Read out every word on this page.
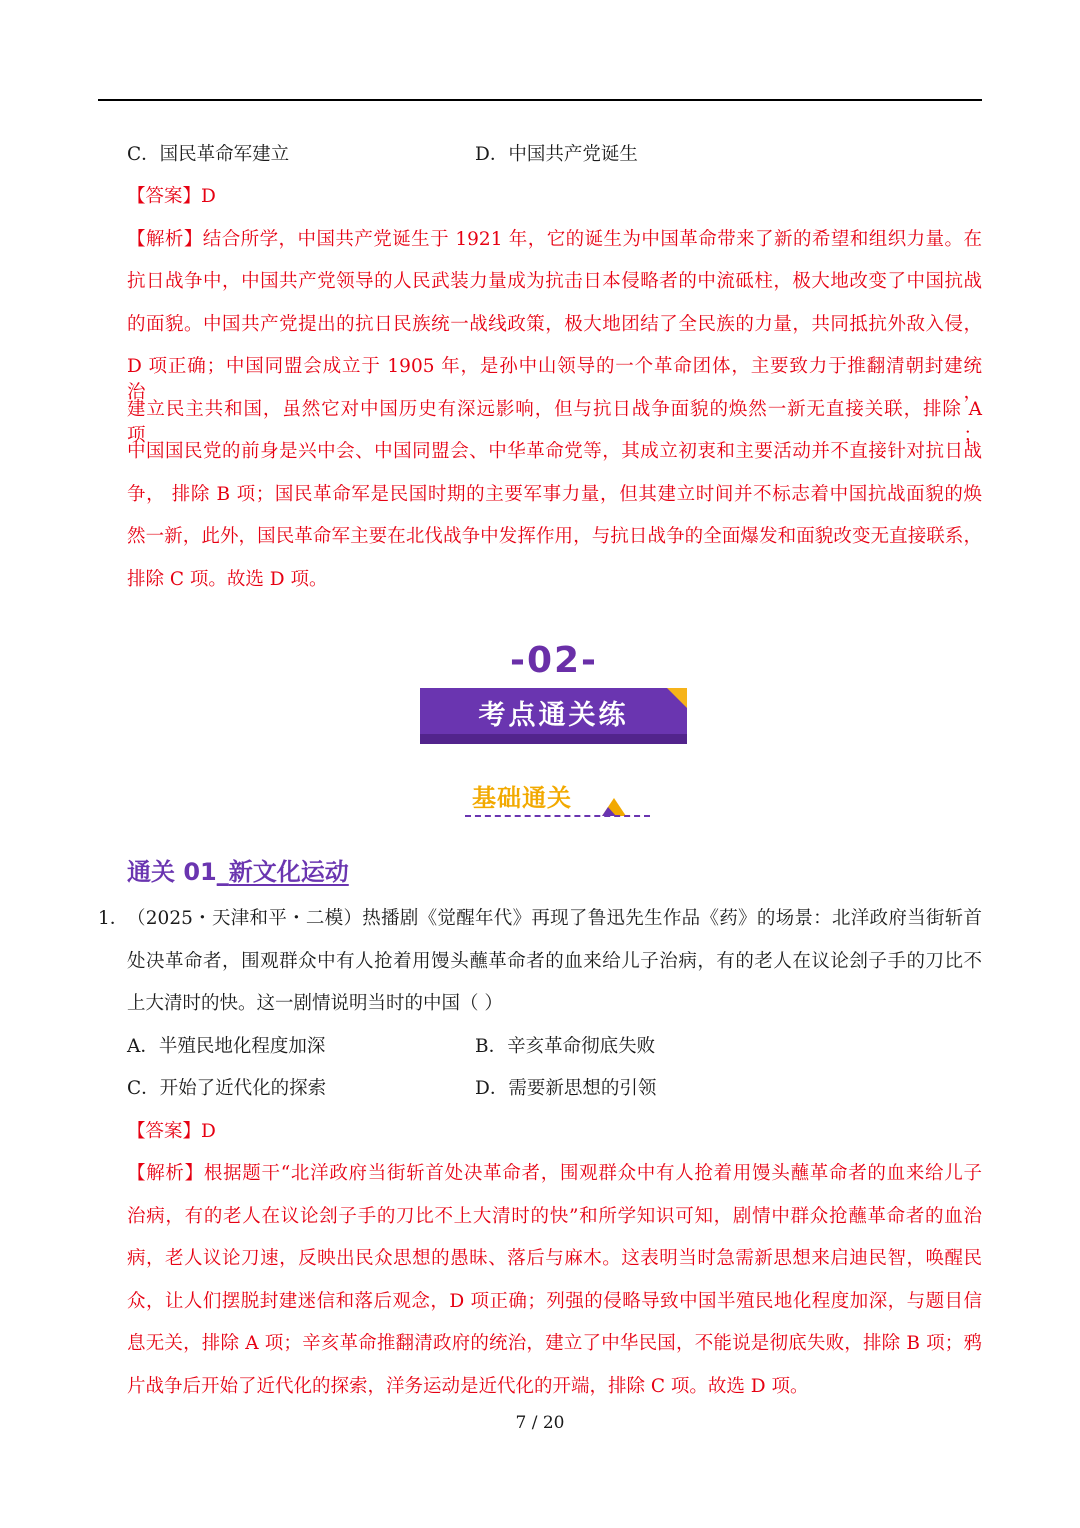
C．国民革命军建立	D．中国共产党诞生
【答案】D
【解析】结合所学，中国共产党诞生于 1921 年，它的诞生为中国革命带来了新的希望和组织力量。在
抗日战争中，中国共产党领导的人民武装力量成为抗击日本侵略者的中流砥柱，极大地改变了中国抗战
的面貌。中国共产党提出的抗日民族统一战线政策，极大地团结了全民族的力量，共同抵抗外敌入侵，
D 项正确；中国同盟会成立于 1905 年，是孙中山领导的一个革命团体，主要致力于推翻清朝封建统治，
建立民主共和国，虽然它对中国历史有深远影响，但与抗日战争面貌的焕然一新无直接关联，排除 A 项；
中国国民党的前身是兴中会、中国同盟会、中华革命党等，其成立初衷和主要活动并不直接针对抗日战
争， 排除 B 项；国民革命军是民国时期的主要军事力量，但其建立时间并不标志着中国抗战面貌的焕
然一新，此外，国民革命军主要在北伐战争中发挥作用，与抗日战争的全面爆发和面貌改变无直接联系，
排除 C 项。故选 D 项。
-02-
考点通关练
基础通关
通关 01_新文化运动
1．
（2025・天津和平・二模）热播剧《觉醒年代》再现了鲁迅先生作品《药》的场景：北洋政府当街斩首
处决革命者，围观群众中有人抢着用馒头蘸革命者的血来给儿子治病，有的老人在议论刽子手的刀比不
上大清时的快。这一剧情说明当时的中国（ ）
A．半殖民地化程度加深	B．辛亥革命彻底失败
C．开始了近代化的探索	D．需要新思想的引领
【答案】D
【解析】根据题干“北洋政府当街斩首处决革命者，围观群众中有人抢着用馒头蘸革命者的血来给儿子
治病，有的老人在议论刽子手的刀比不上大清时的快”和所学知识可知，剧情中群众抢蘸革命者的血治
病，老人议论刀速，反映出民众思想的愚昧、落后与麻木。这表明当时急需新思想来启迪民智，唤醒民
众，让人们摆脱封建迷信和落后观念，D 项正确；列强的侵略导致中国半殖民地化程度加深，与题目信
息无关，排除 A 项；辛亥革命推翻清政府的统治，建立了中华民国，不能说是彻底失败，排除 B 项；鸦
片战争后开始了近代化的探索，洋务运动是近代化的开端，排除 C 项。故选 D 项。
7 / 20
